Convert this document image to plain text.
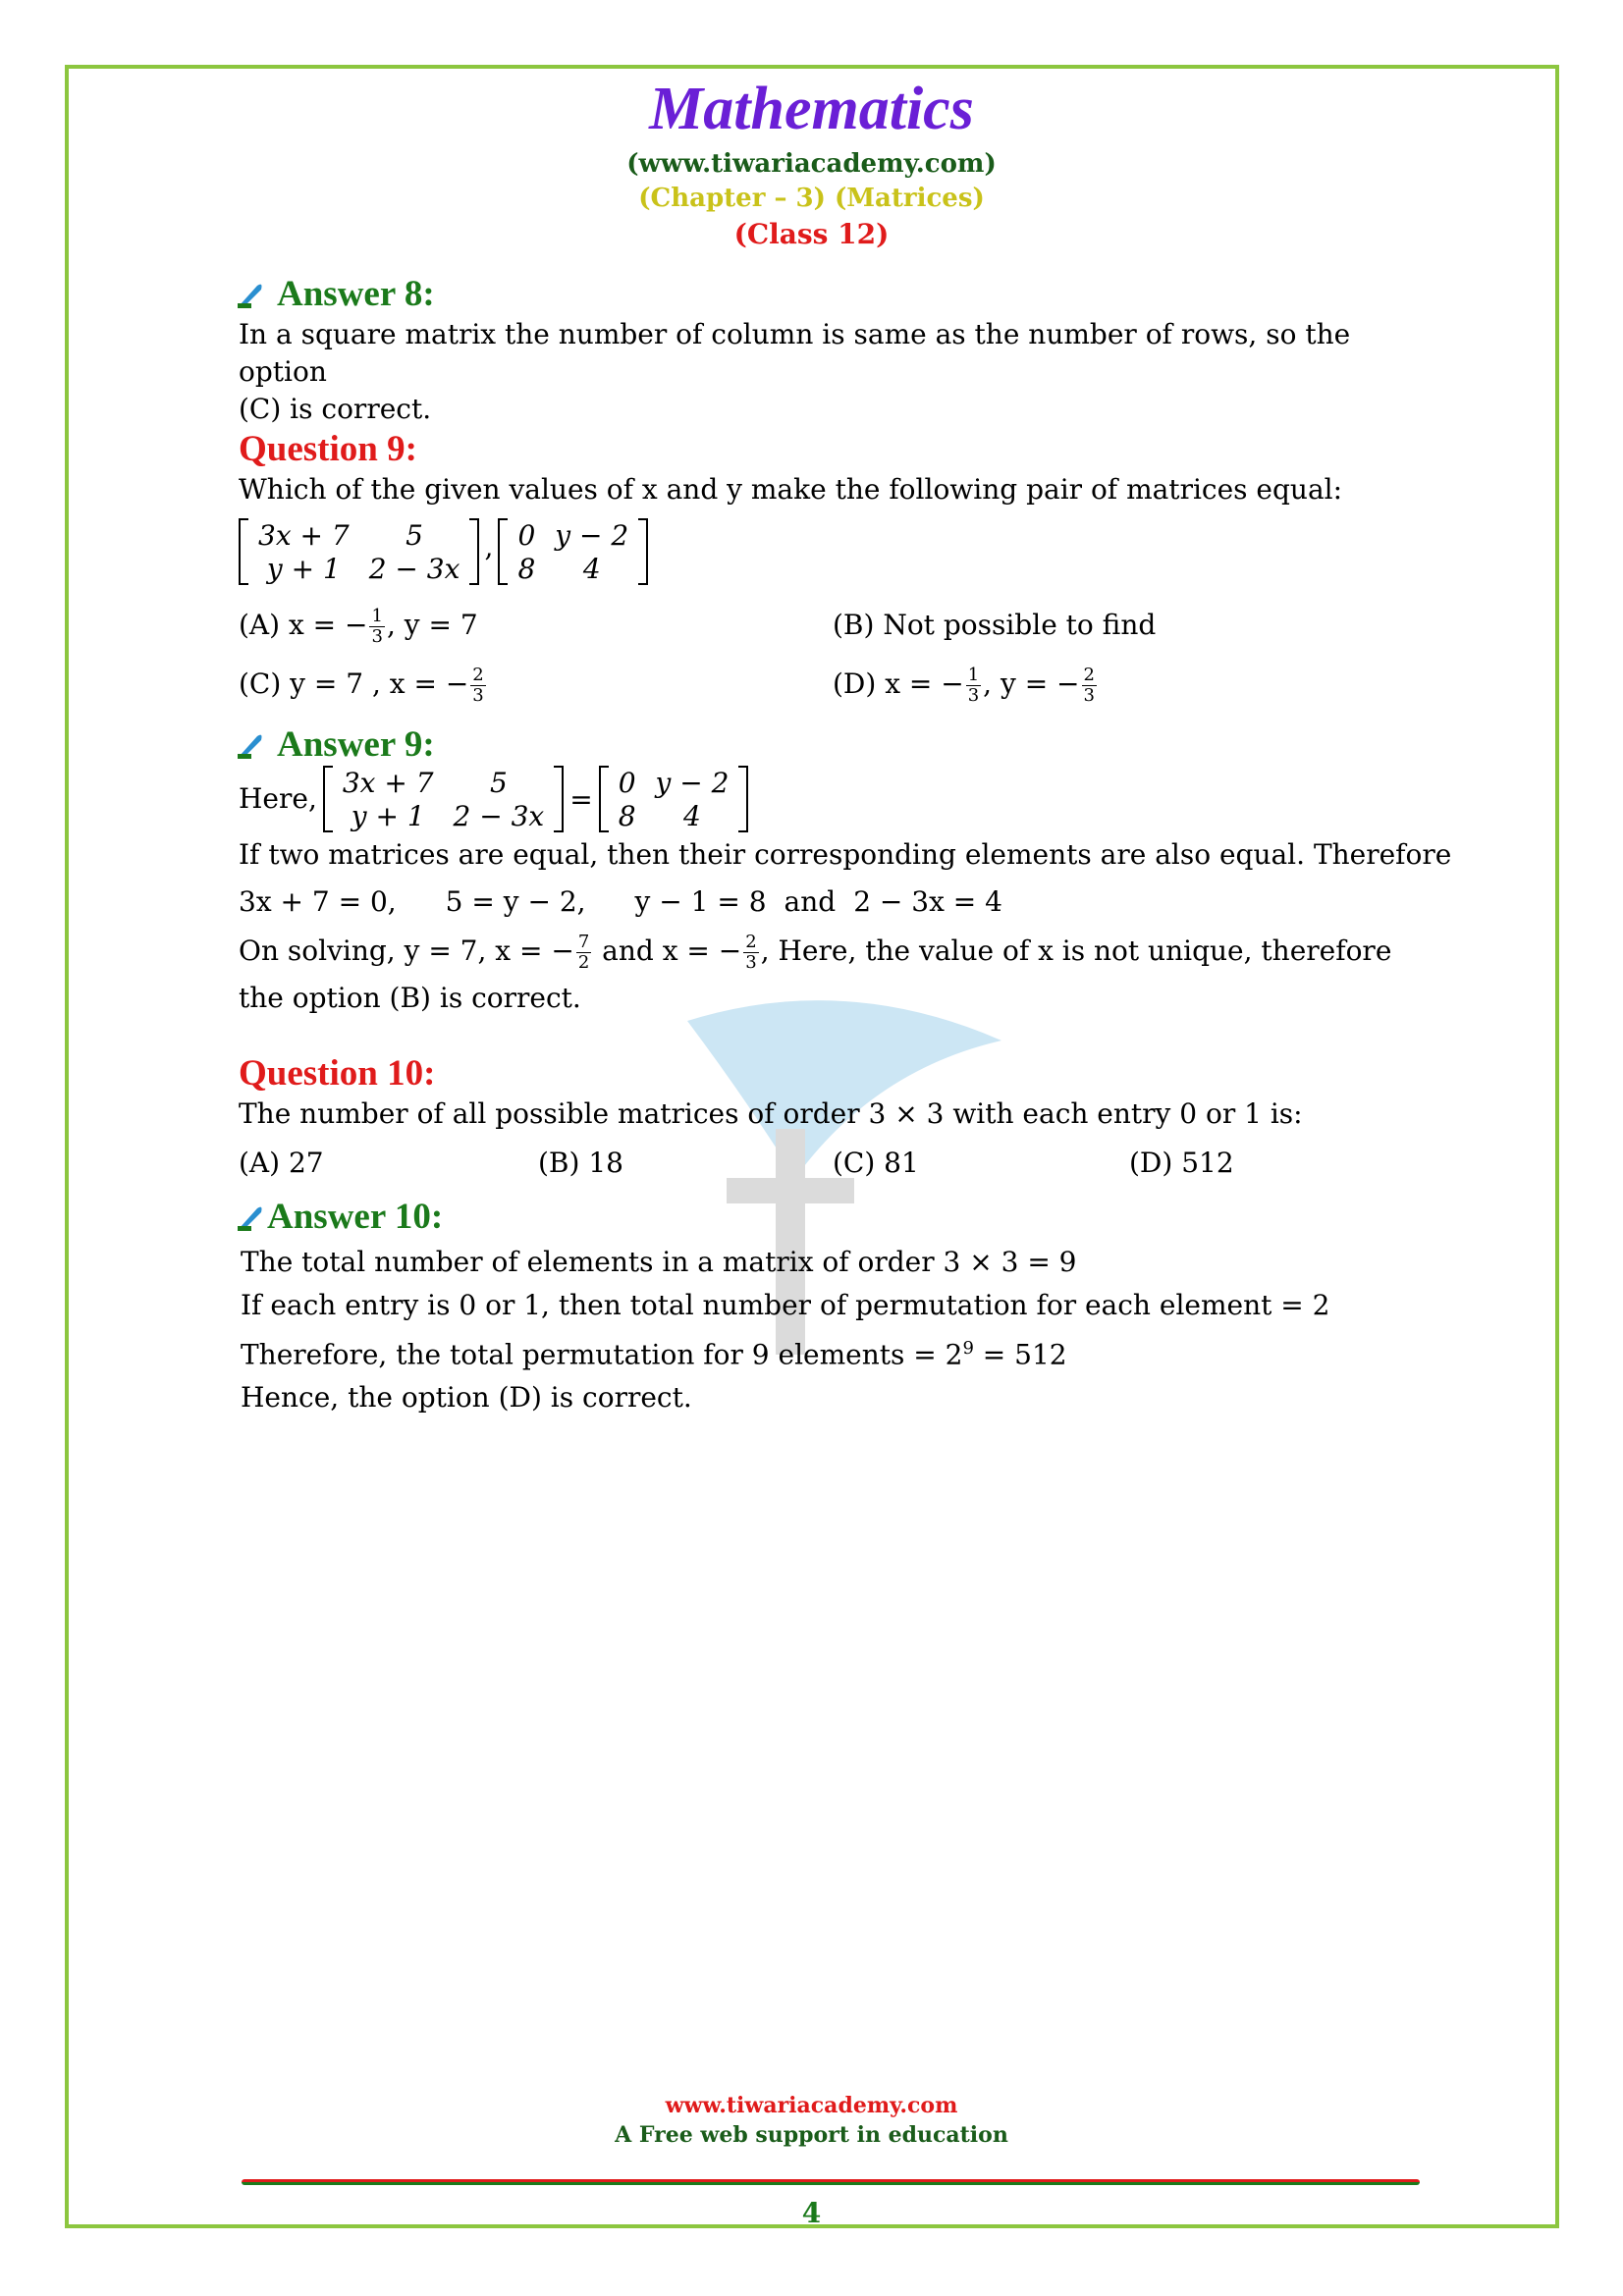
Mathematics
(www.tiwariacademy.com)
(Chapter – 3) (Matrices)
(Class 12)
Answer 8:
In a square matrix the number of column is same as the number of rows, so the option
(C) is correct.
Question 9:
Which of the given values of x and y make the following pair of matrices equal:
3x + 7	5
y + 1	2 − 3x
, 0	y − 2
8	4
(A) x = − $\frac{1}{3}$ , y = 7	(B) Not possible to find
(C) y = 7 , x = − $\frac{2}{3}$	(D) x = − $\frac{1}{3}$ , y = − $\frac{2}{3}$
Answer 9:
Here, 3x + 7	5
y + 1	2 − 3x
=
0	y − 2
8	4
If two matrices are equal, then their corresponding elements are also equal. Therefore
3x + 7 = 0, 5 = y − 2, y − 1 = 8 and 2 − 3x = 4
On solving, y = 7, x = − $\frac{7}{2}$ and x = − $\frac{2}{3}$ , Here, the value of x is not unique, therefore
the option (B) is correct.
Question 10:
The number of all possible matrices of order 3 × 3 with each entry 0 or 1 is:
(A) 27	(B) 18	(C) 81	(D) 512
Answer 10:
The total number of elements in a matrix of order 3 × 3 = 9
If each entry is 0 or 1, then total number of permutation for each element = 2
Therefore, the total permutation for 9 elements = $2^9 = 512$
Hence, the option (D) is correct.
www.tiwariacademy.com
A Free web support in education
4
